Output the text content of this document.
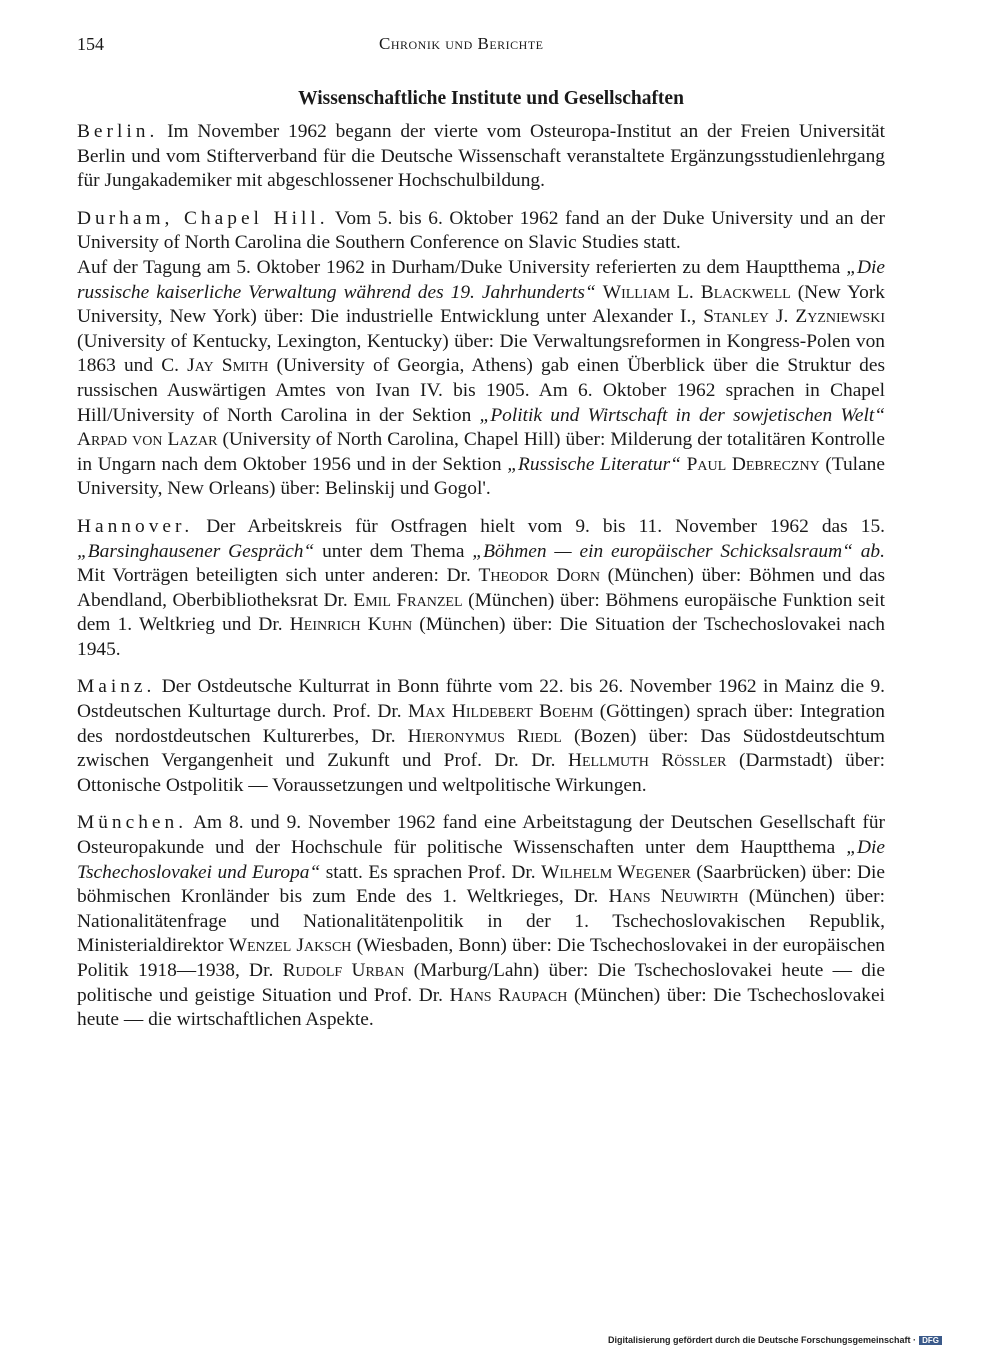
154	Chronik und Berichte
Wissenschaftliche Institute und Gesellschaften

Berlin. Im November 1962 begann der vierte vom Osteuropa-Institut an der Freien Universität Berlin und vom Stifterverband für die Deutsche Wissenschaft veranstaltete Ergänzungsstudienlehrgang für Jungakademiker mit abgeschlossener Hochschulbildung.

Durham, Chapel Hill. Vom 5. bis 6. Oktober 1962 fand an der Duke University und an der University of North Carolina die Southern Conference on Slavic Studies statt.

Auf der Tagung am 5. Oktober 1962 in Durham/Duke University referierten zu dem Hauptthema „Die russische kaiserliche Verwaltung während des 19. Jahrhunderts“ William L. Blackwell (New York University, New York) über: Die industrielle Entwicklung unter Alexander I., Stanley J. Zyzniewski (University of Kentucky, Lexington, Kentucky) über: Die Verwaltungsreformen in Kongress-Polen von 1863 und C. Jay Smith (University of Georgia, Athens) gab einen Überblick über die Struktur des russischen Auswärtigen Amtes von Ivan IV. bis 1905. Am 6. Oktober 1962 sprachen in Chapel Hill/University of North Carolina in der Sektion „Politik und Wirtschaft in der sowjetischen Welt“ Arpad von Lazar (University of North Carolina, Chapel Hill) über: Milderung der totalitären Kontrolle in Ungarn nach dem Oktober 1956 und in der Sektion „Russische Literatur“ Paul Debreczny (Tulane University, New Orleans) über: Belinskij und Gogol'.

Hannover. Der Arbeitskreis für Ostfragen hielt vom 9. bis 11. November 1962 das 15. „Barsinghausener Gespräch“ unter dem Thema „Böhmen — ein europäischer Schicksalsraum“ ab. Mit Vorträgen beteiligten sich unter anderen: Dr. Theodor Dorn (München) über: Böhmen und das Abendland, Oberbibliotheksrat Dr. Emil Franzel (München) über: Böhmens europäische Funktion seit dem 1. Weltkrieg und Dr. Heinrich Kuhn (München) über: Die Situation der Tschechoslovakei nach 1945.

Mainz. Der Ostdeutsche Kulturrat in Bonn führte vom 22. bis 26. November 1962 in Mainz die 9. Ostdeutschen Kulturtage durch. Prof. Dr. Max Hildebert Boehm (Göttingen) sprach über: Integration des nordostdeutschen Kulturerbes, Dr. Hieronymus Riedl (Bozen) über: Das Südostdeutschtum zwischen Vergangenheit und Zukunft und Prof. Dr. Dr. Hellmuth Rössler (Darmstadt) über: Ottonische Ostpolitik — Voraussetzungen und weltpolitische Wirkungen.

München. Am 8. und 9. November 1962 fand eine Arbeitstagung der Deutschen Gesellschaft für Osteuropakunde und der Hochschule für politische Wissenschaften unter dem Hauptthema „Die Tschechoslovakei und Europa“ statt. Es sprachen Prof. Dr. Wilhelm Wegener (Saarbrücken) über: Die böhmischen Kronländer bis zum Ende des 1. Weltkrieges, Dr. Hans Neuwirth (München) über: Nationalitätenfrage und Nationalitätenpolitik in der 1. Tschechoslovakischen Republik, Ministerialdirektor Wenzel Jaksch (Wiesbaden, Bonn) über: Die Tschechoslovakei in der europäischen Politik 1918—1938, Dr. Rudolf Urban (Marburg/Lahn) über: Die Tschechoslovakei heute — die politische und geistige Situation und Prof. Dr. Hans Raupach (München) über: Die Tschechoslovakei heute — die wirtschaftlichen Aspekte.

Digitalisierung gefördert durch die Deutsche Forschungsgemeinschaft · DFG
